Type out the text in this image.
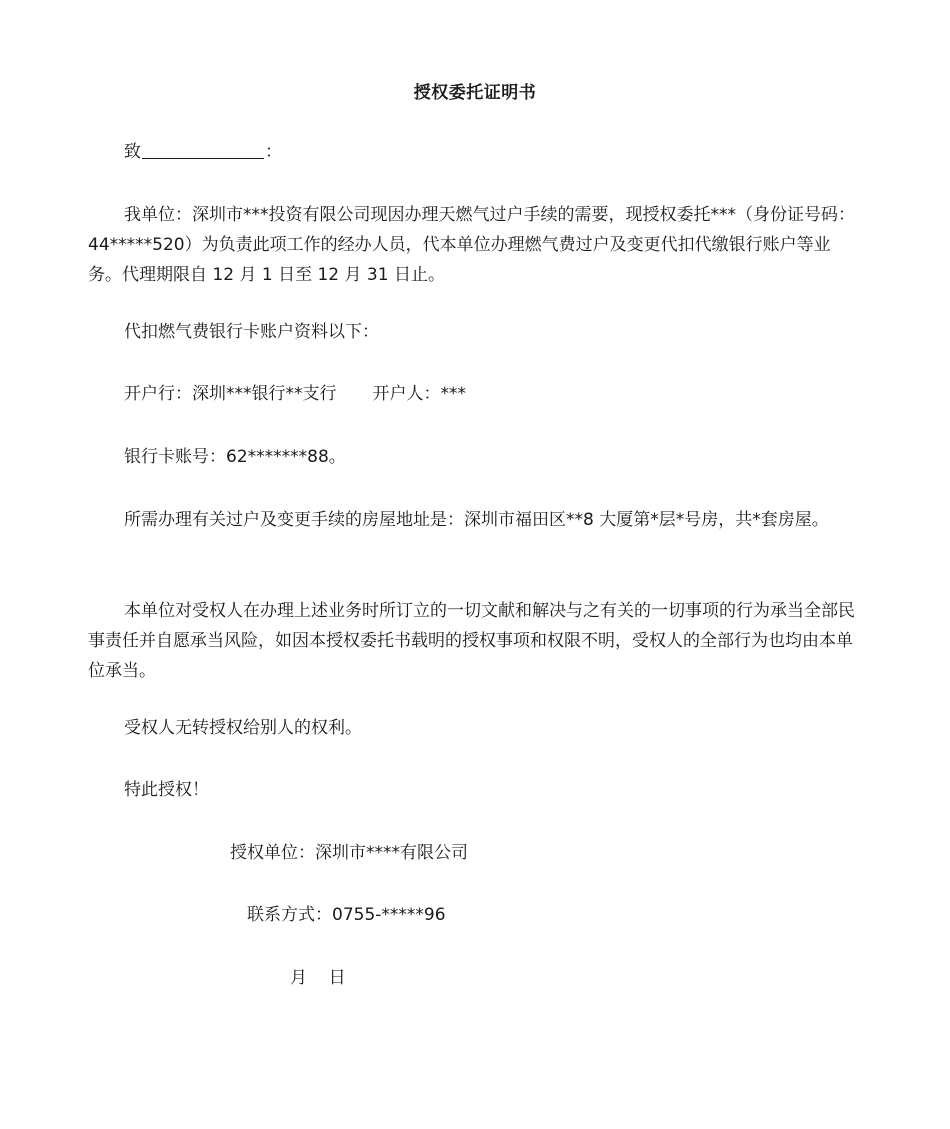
授权委托证明书
致	：
我单位：深圳市***投资有限公司现因办理天燃气过户手续的需要，现授权委托***（身份证号码：44*****520）为负责此项工作的经办人员，代本单位办理燃气费过户及变更代扣代缴银行账户等业务。代理期限自 12 月 1 日至 12 月 31 日止。
代扣燃气费银行卡账户资料以下：
开户行：深圳***银行**支行 开户人：***
银行卡账号：62*******88。
所需办理有关过户及变更手续的房屋地址是：深圳市福田区**8 大厦第*层*号房，共*套房屋。
本单位对受权人在办理上述业务时所订立的一切文献和解决与之有关的一切事项的行为承当全部民事责任并自愿承当风险，如因本授权委托书载明的授权事项和权限不明，受权人的全部行为也均由本单位承当。
受权人无转授权给别人的权利。
特此授权！
授权单位：深圳市****有限公司
联系方式：0755-*****96
月    日
